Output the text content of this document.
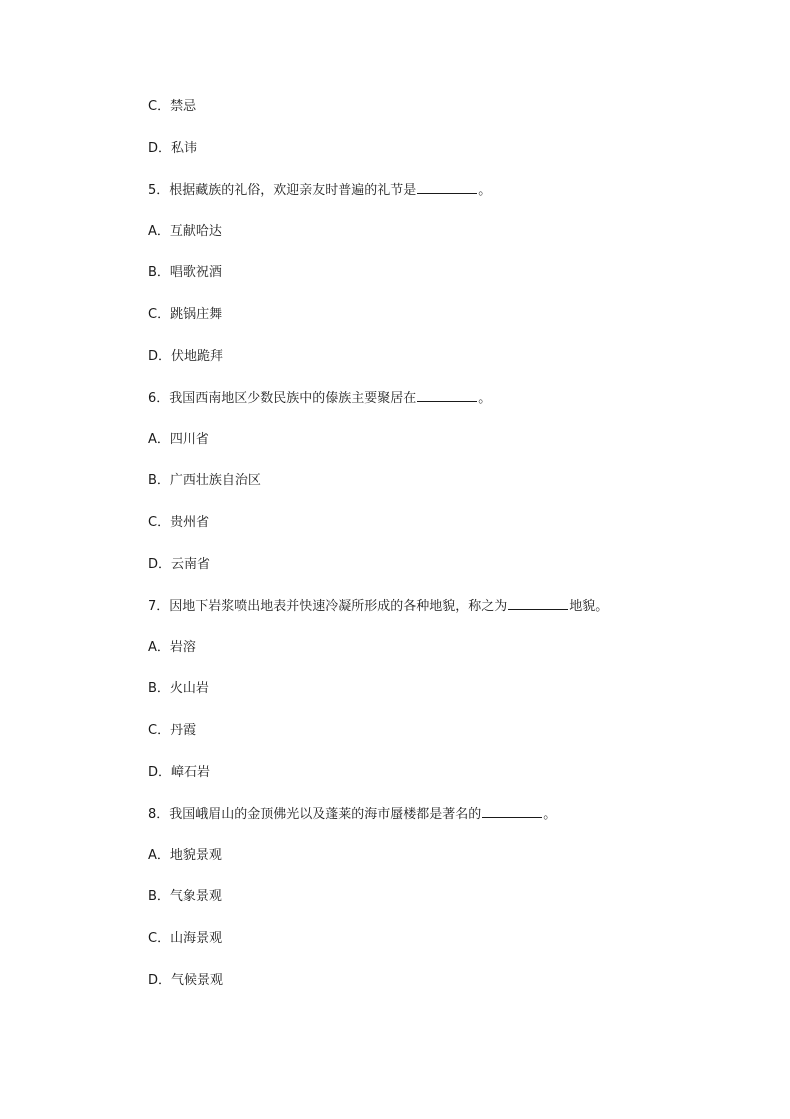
C．禁忌
D．私讳
5．根据藏族的礼俗，欢迎亲友时普遍的礼节是	。
A．互献哈达
B．唱歌祝酒
C．跳锅庄舞
D．伏地跪拜
6．我国西南地区少数民族中的傣族主要聚居在	。
A．四川省
B．广西壮族自治区
C．贵州省
D．云南省
7．因地下岩浆喷出地表并快速冷凝所形成的各种地貌，称之为	地貌。
A．岩溶
B．火山岩
C．丹霞
D．嶂石岩
8．我国峨眉山的金顶佛光以及蓬莱的海市蜃楼都是著名的	。
A．地貌景观
B．气象景观
C．山海景观
D．气候景观
